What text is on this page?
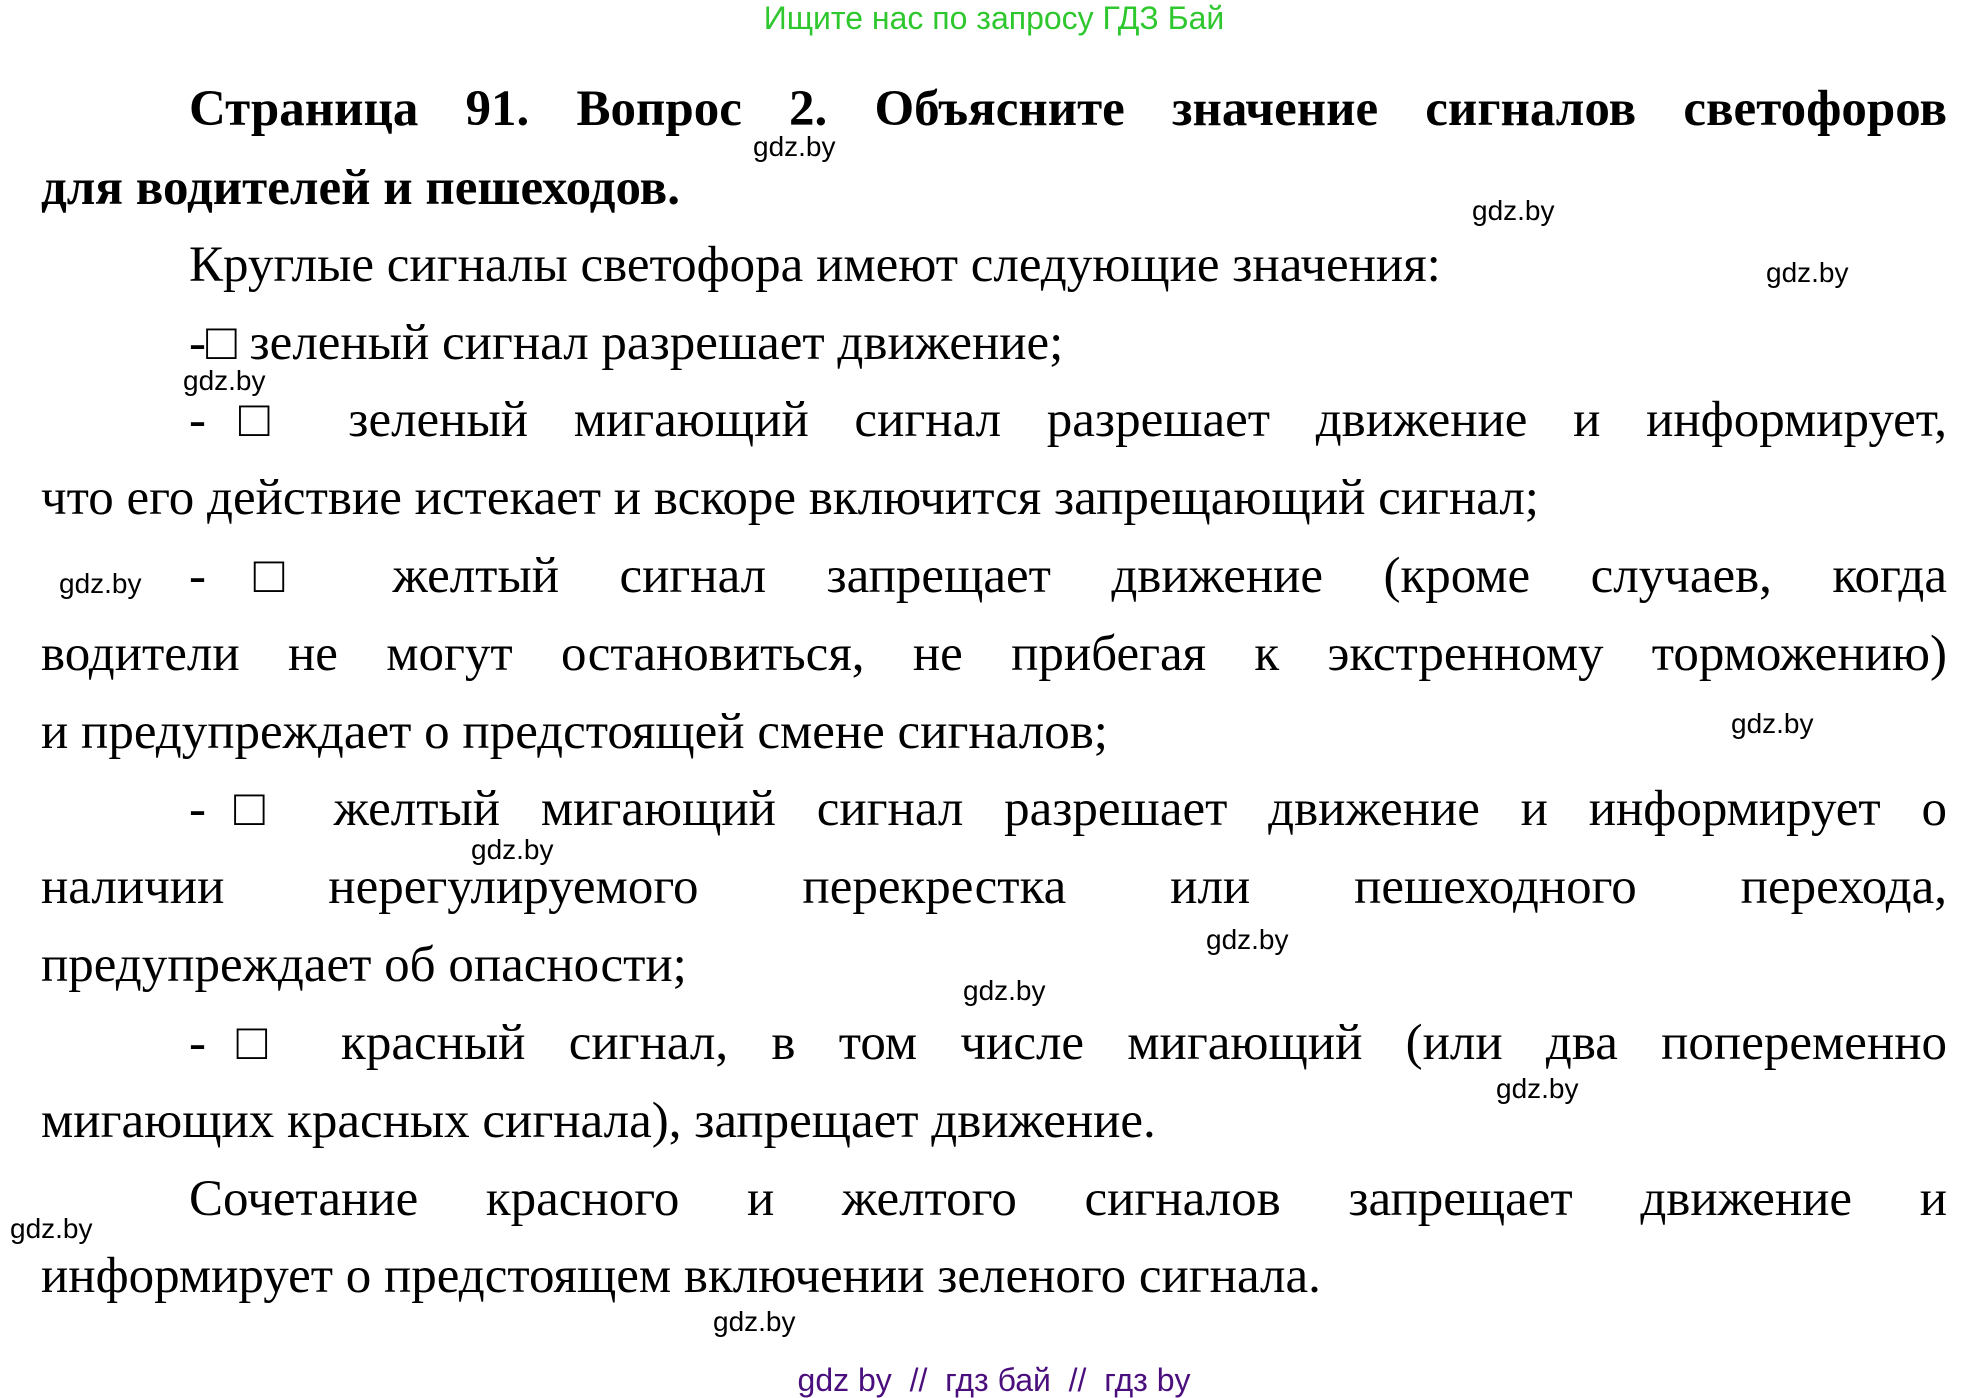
Ищите нас по запросу ГДЗ Бай
Страница 91. Вопрос 2. Объясните значение сигналов светофоров
для водителей и пешеходов.
Круглые сигналы светофора имеют следующие значения:
-□ зеленый сигнал разрешает движение;
-□ зеленый мигающий сигнал разрешает движение и информирует,
что его действие истекает и вскоре включится запрещающий сигнал;
-□ желтый сигнал запрещает движение (кроме случаев, когда
водители не могут остановиться, не прибегая к экстренному торможению)
и предупреждает о предстоящей смене сигналов;
-□ желтый мигающий сигнал разрешает движение и информирует о
наличии нерегулируемого перекрестка или пешеходного перехода,
предупреждает об опасности;
-□ красный сигнал, в том числе мигающий (или два попеременно
мигающих красных сигнала), запрещает движение.
Сочетание красного и желтого сигналов запрещает движение и
информирует о предстоящем включении зеленого сигнала.
gdz.by
gdz.by
gdz.by
gdz.by
gdz.by
gdz.by
gdz.by
gdz.by
gdz.by
gdz.by
gdz.by
gdz.by
gdz by  //  гдз бай  //  гдз by
